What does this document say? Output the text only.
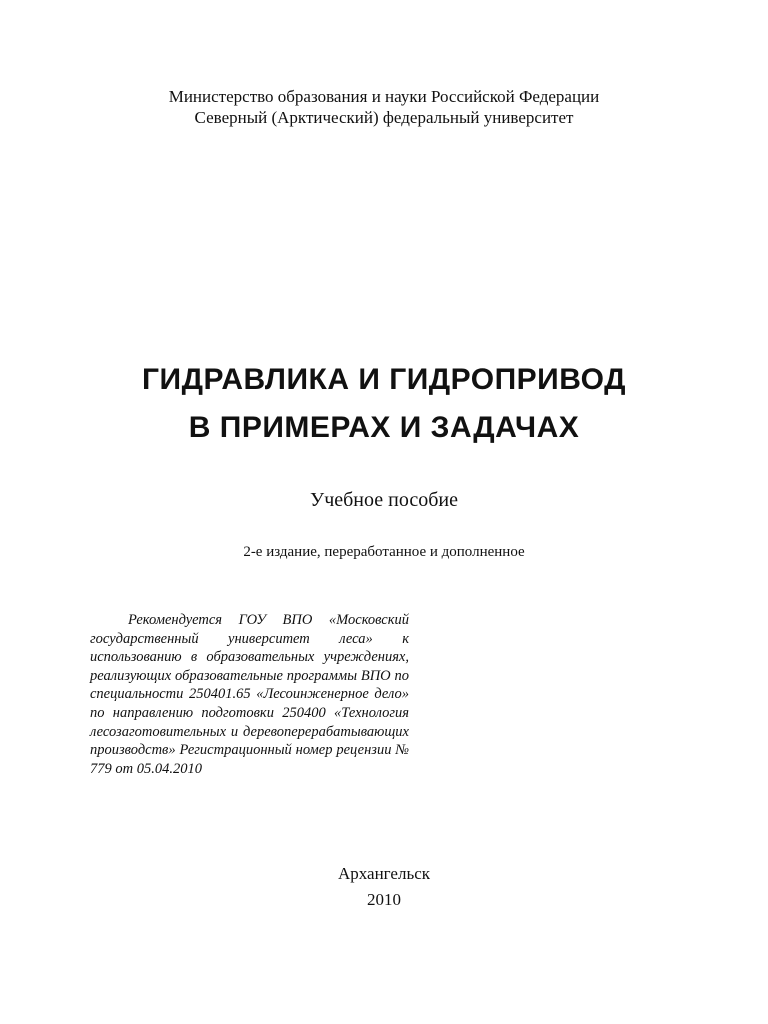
Министерство образования и науки Российской Федерации
Северный (Арктический) федеральный университет
ГИДРАВЛИКА И ГИДРОПРИВОД
В ПРИМЕРАХ И ЗАДАЧАХ
Учебное пособие
2-е издание, переработанное и дополненное
Рекомендуется ГОУ ВПО «Московский государственный университет леса» к использованию в образовательных учреждениях, реализующих образовательные программы ВПО по специальности 250401.65 «Лесоинженерное дело» по направлению подготовки 250400 «Технология лесозаготовительных и деревоперерабатывающих производств» Регистрационный номер рецензии № 779 от 05.04.2010
Архангельск
2010
